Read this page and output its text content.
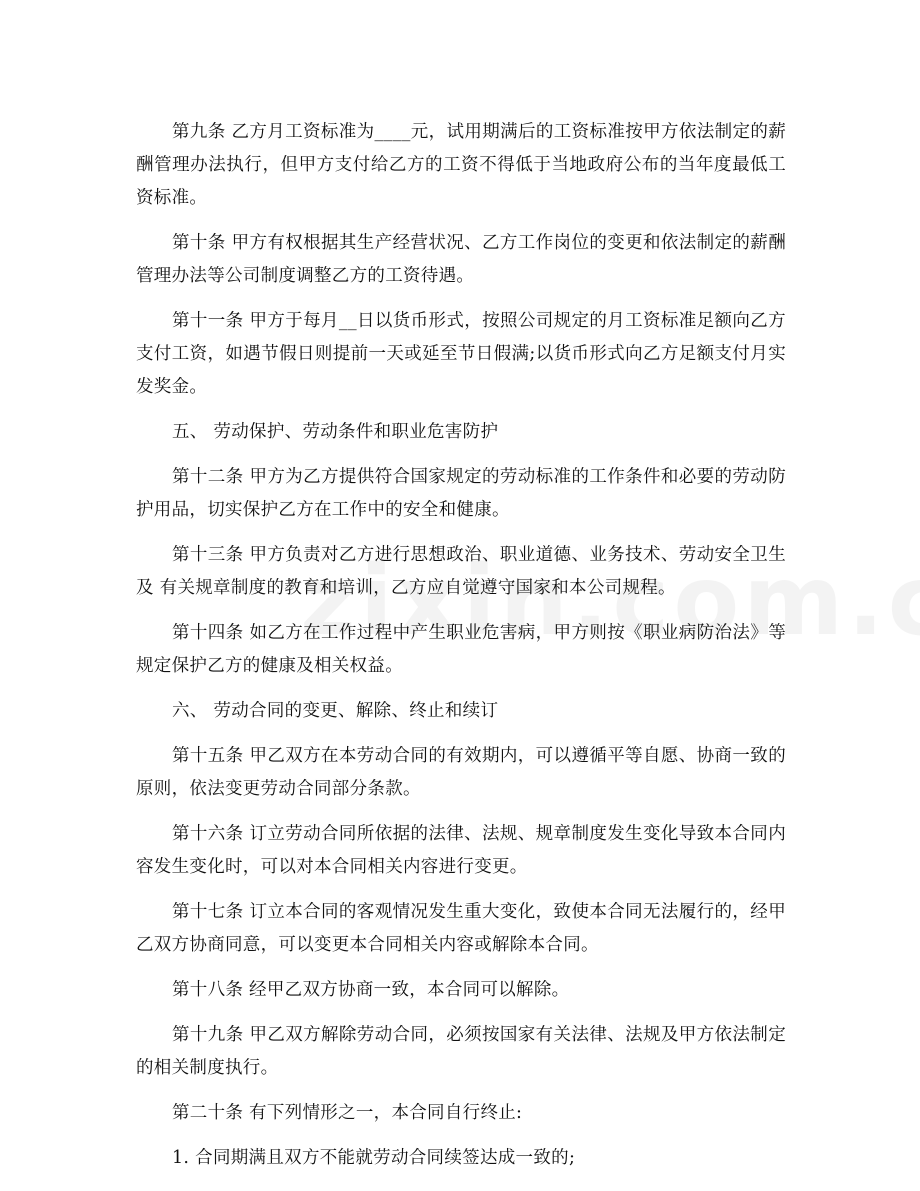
第九条 乙方月工资标准为____元，试用期满后的工资标准按甲方依法制定的薪酬管理办法执行，但甲方支付给乙方的工资不得低于当地政府公布的当年度最低工资标准。

第十条 甲方有权根据其生产经营状况、乙方工作岗位的变更和依法制定的薪酬管理办法等公司制度调整乙方的工资待遇。

第十一条 甲方于每月__日以货币形式，按照公司规定的月工资标准足额向乙方支付工资，如遇节假日则提前一天或延至节日假满;以货币形式向乙方足额支付月实发奖金。

五、 劳动保护、劳动条件和职业危害防护

第十二条 甲方为乙方提供符合国家规定的劳动标准的工作条件和必要的劳动防护用品，切实保护乙方在工作中的安全和健康。

第十三条 甲方负责对乙方进行思想政治、职业道德、业务技术、劳动安全卫生及 有关规章制度的教育和培训，乙方应自觉遵守国家和本公司规程。

第十四条 如乙方在工作过程中产生职业危害病，甲方则按《职业病防治法》等 规定保护乙方的健康及相关权益。

六、 劳动合同的变更、解除、终止和续订

第十五条 甲乙双方在本劳动合同的有效期内，可以遵循平等自愿、协商一致的原则，依法变更劳动合同部分条款。

第十六条 订立劳动合同所依据的法律、法规、规章制度发生变化导致本合同内 容发生变化时，可以对本合同相关内容进行变更。

第十七条 订立本合同的客观情况发生重大变化，致使本合同无法履行的，经甲 乙双方协商同意，可以变更本合同相关内容或解除本合同。

第十八条 经甲乙双方协商一致，本合同可以解除。

第十九条 甲乙双方解除劳动合同，必须按国家有关法律、法规及甲方依法制定 的相关制度执行。

第二十条 有下列情形之一，本合同自行终止:

1. 合同期满且双方不能就劳动合同续签达成一致的;
